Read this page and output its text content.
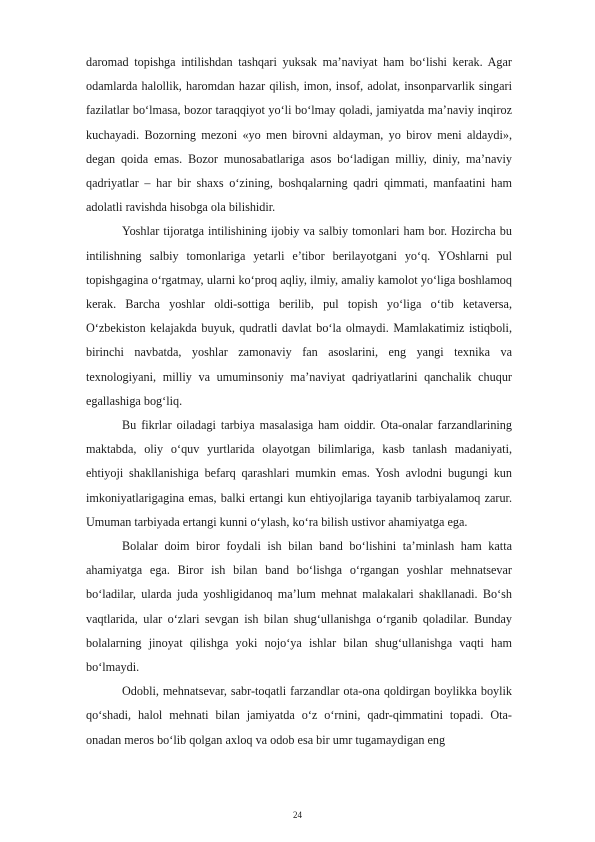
daromad topishga intilishdan tashqari yuksak ma’naviyat ham bo‘lishi kerak. Agar odamlarda halollik, haromdan hazar qilish, imon, insof, adolat, insonparvarlik singari fazilatlar bo‘lmasa, bozor taraqqiyot yo‘li bo‘lmay qoladi, jamiyatda ma’naviy inqiroz kuchayadi. Bozorning mezoni «yo men birovni aldayman, yo birov meni aldaydi», degan qoida emas. Bozor munosabatlariga asos bo‘ladigan milliy, diniy, ma’naviy qadriyatlar – har bir shaxs o‘zining, boshqalarning qadri qimmati, manfaatini ham adolatli ravishda hisobga ola bilishidir.

Yoshlar tijoratga intilishining ijobiy va salbiy tomonlari ham bor. Hozircha bu intilishning salbiy tomonlariga yetarli e’tibor berilayotgani yo‘q. YOshlarni pul topishgagina o‘rgatmay, ularni ko‘proq aqliy, ilmiy, amaliy kamolot yo‘liga boshlamoq kerak. Barcha yoshlar oldi-sottiga berilib, pul topish yo‘liga o‘tib ketaversa, O‘zbekiston kelajakda buyuk, qudratli davlat bo‘la olmaydi. Mamlakatimiz istiqboli, birinchi navbatda, yoshlar zamonaviy fan asoslarini, eng yangi texnika va texnologiyani, milliy va umuminsoniy ma’naviyat qadriyatlarini qanchalik chuqur egallashiga bog‘liq.

Bu fikrlar oiladagi tarbiya masalasiga ham oiddir. Ota-onalar farzandlarining maktabda, oliy o‘quv yurtlarida olayotgan bilimlariga, kasb tanlash madaniyati, ehtiyoji shakllanishiga befarq qarashlari mumkin emas. Yosh avlodni bugungi kun imkoniyatlarigagina emas, balki ertangi kun ehtiyojlariga tayanib tarbiyalamoq zarur. Umuman tarbiyada ertangi kunni o‘ylash, ko‘ra bilish ustivor ahamiyatga ega.

Bolalar doim biror foydali ish bilan band bo‘lishini ta’minlash ham katta ahamiyatga ega. Biror ish bilan band bo‘lishga o‘rgangan yoshlar mehnatsevar bo‘ladilar, ularda juda yoshligidanoq ma’lum mehnat malakalari shakllanadi. Bo‘sh vaqtlarida, ular o‘zlari sevgan ish bilan shug‘ullanishga o‘rganib qoladilar. Bunday bolalarning jinoyat qilishga yoki nojo‘ya ishlar bilan shug‘ullanishga vaqti ham bo‘lmaydi.

Odobli, mehnatsevar, sabr-toqatli farzandlar ota-ona qoldirgan boylikka boylik qo‘shadi, halol mehnati bilan jamiyatda o‘z o‘rnini, qadr-qimmatini topadi. Ota-onadan meros bo‘lib qolgan axloq va odob esa bir umr tugamaydigan eng

24
